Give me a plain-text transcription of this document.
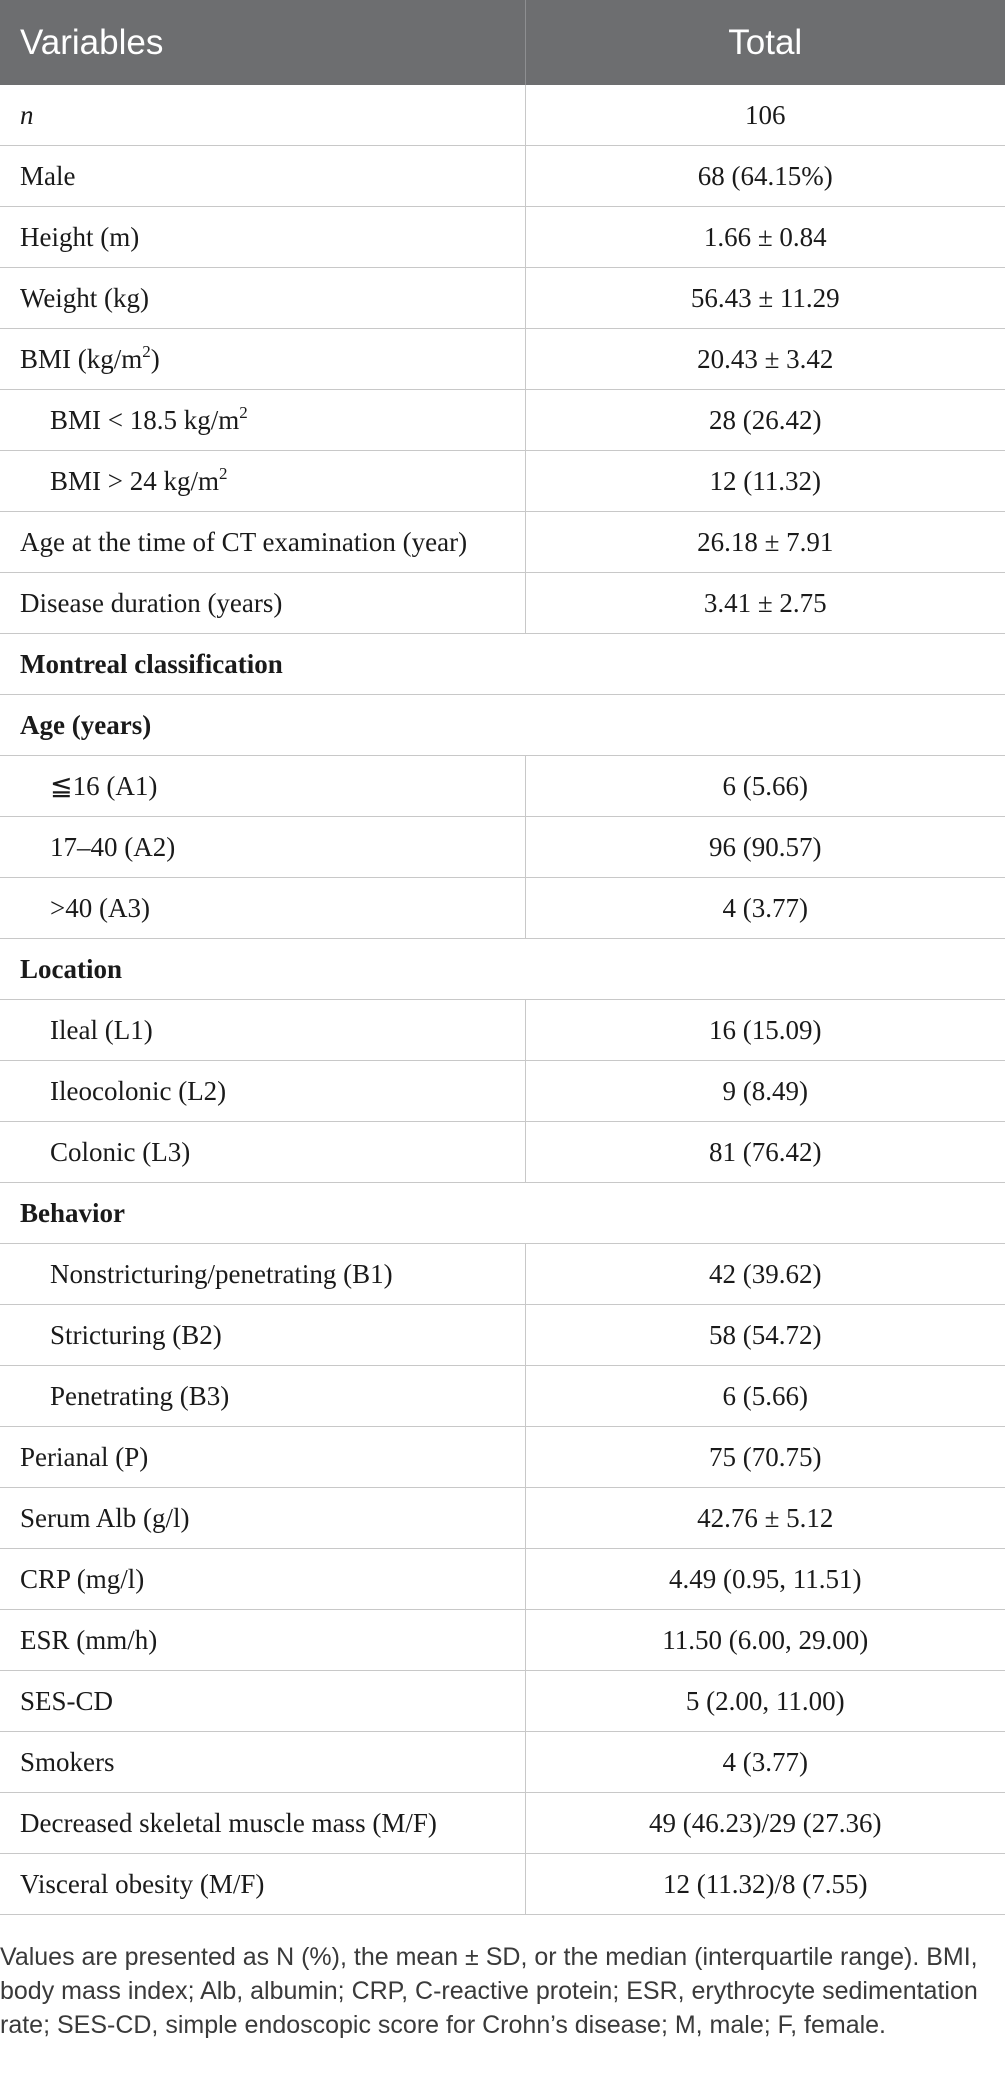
Variables	Total
n	106
Male	68 (64.15%)
Height (m)	1.66 ± 0.84
Weight (kg)	56.43 ± 11.29
BMI $(kg/m^2)$	20.43 ± 3.42
BMI < 18.5 $kg/m^2$	28 (26.42)
BMI > 24 $kg/m^2$	12 (11.32)
Age at the time of CT examination (year)	26.18 ± 7.91
Disease duration (years)	3.41 ± 2.75
Montreal classification	
Age (years)	
≦16 (A1)	6 (5.66)
17–40 (A2)	96 (90.57)
>40 (A3)	4 (3.77)
Location	
Ileal (L1)	16 (15.09)
Ileocolonic (L2)	9 (8.49)
Colonic (L3)	81 (76.42)
Behavior	
Nonstricturing/penetrating (B1)	42 (39.62)
Stricturing (B2)	58 (54.72)
Penetrating (B3)	6 (5.66)
Perianal (P)	75 (70.75)
Serum Alb (g/l)	42.76 ± 5.12
CRP (mg/l)	4.49 (0.95, 11.51)
ESR (mm/h)	11.50 (6.00, 29.00)
SES-CD	5 (2.00, 11.00)
Smokers	4 (3.77)
Decreased skeletal muscle mass (M/F)	49 (46.23)/29 (27.36)
Visceral obesity (M/F)	12 (11.32)/8 (7.55)
Values are presented as N (%), the mean ± SD, or the median (interquartile range). BMI, body mass index; Alb, albumin; CRP, C-reactive protein; ESR, erythrocyte sedimentation rate; SES-CD, simple endoscopic score for Crohn’s disease; M, male; F, female.
